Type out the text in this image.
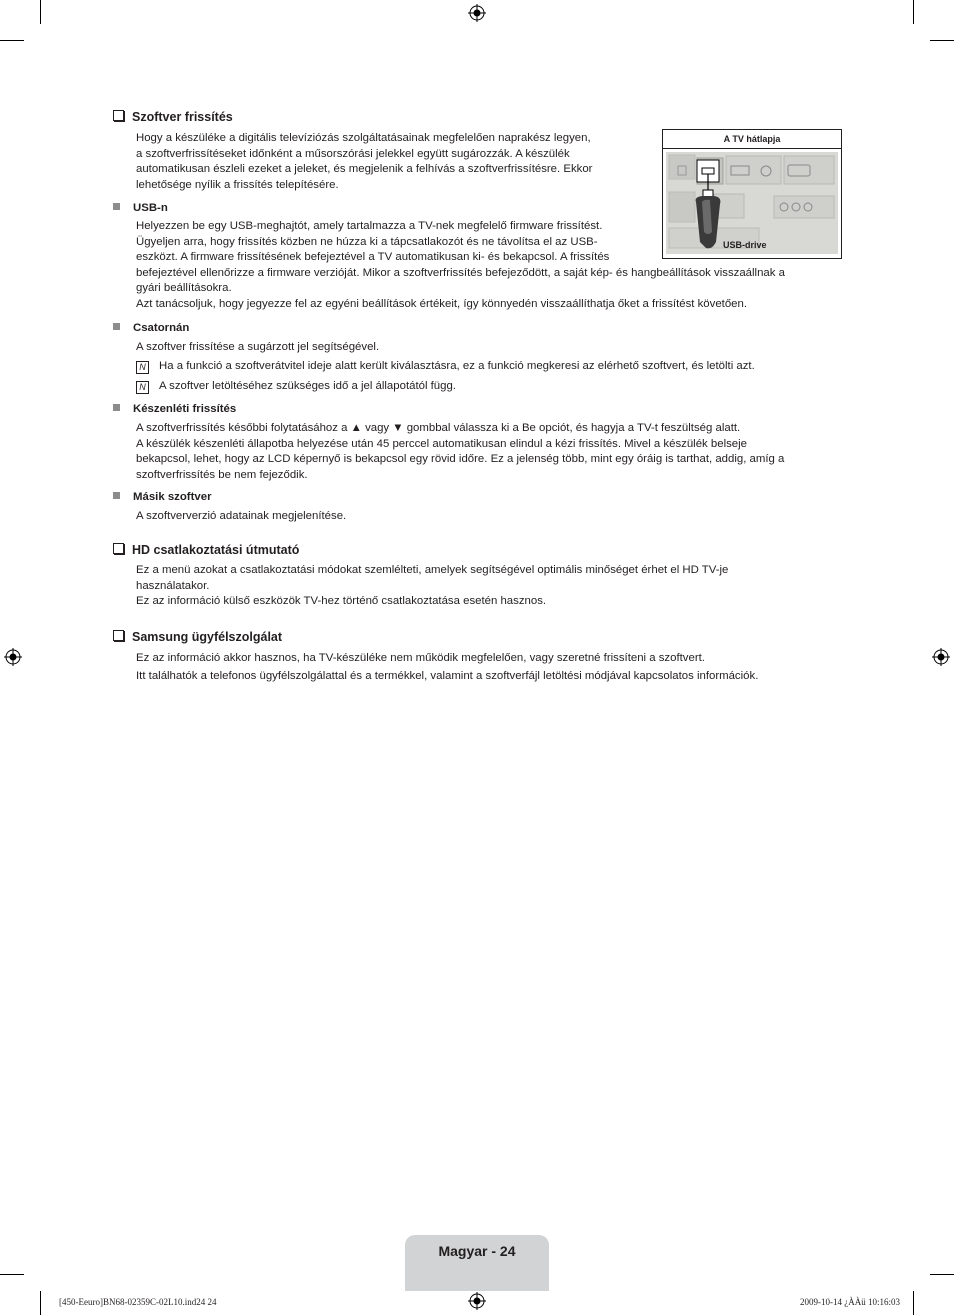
Szoftver frissítés
Hogy a készüléke a digitális televíziózás szolgáltatásainak megfelelően naprakész legyen,
a szoftverfrissítéseket időnként a műsorszórási jelekkel együtt sugározzák. A készülék
automatikusan észleli ezeket a jeleket, és megjelenik a felhívás a szoftverfrissítésre. Ekkor
lehetősége nyílik a frissítés telepítésére.
A TV hátlapja
USB-drive
USB-n
Helyezzen be egy USB-meghajtót, amely tartalmazza a TV-nek megfelelő firmware frissítést.
Ügyeljen arra, hogy frissítés közben ne húzza ki a tápcsatlakozót és ne távolítsa el az USB-
eszközt. A firmware frissítésének befejeztével a TV automatikusan ki- és bekapcsol. A frissítés
befejeztével ellenőrizze a firmware verzióját. Mikor a szoftverfrissítés befejeződött, a saját kép- és hangbeállítások visszaállnak a
gyári beállításokra.
Azt tanácsoljuk, hogy jegyezze fel az egyéni beállítások értékeit, így könnyedén visszaállíthatja őket a frissítést követően.
Csatornán
A szoftver frissítése a sugárzott jel segítségével.
N Ha a funkció a szoftverátvitel ideje alatt került kiválasztásra, ez a funkció megkeresi az elérhető szoftvert, és letölti azt.
N A szoftver letöltéséhez szükséges idő a jel állapotától függ.
Készenléti frissítés
A szoftverfrissítés későbbi folytatásához a ▲ vagy ▼ gombbal válassza ki a Be opciót, és hagyja a TV-t feszültség alatt.
A készülék készenléti állapotba helyezése után 45 perccel automatikusan elindul a kézi frissítés. Mivel a készülék belseje
bekapcsol, lehet, hogy az LCD képernyő is bekapcsol egy rövid időre. Ez a jelenség több, mint egy óráig is tarthat, addig, amíg a
szoftverfrissítés be nem fejeződik.
Másik szoftver
A szoftververzió adatainak megjelenítése.
HD csatlakoztatási útmutató
Ez a menü azokat a csatlakoztatási módokat szemlélteti, amelyek segítségével optimális minőséget érhet el HD TV-je
használatakor.
Ez az információ külső eszközök TV-hez történő csatlakoztatása esetén hasznos.
Samsung ügyfélszolgálat
Ez az információ akkor hasznos, ha TV-készüléke nem működik megfelelően, vagy szeretné frissíteni a szoftvert.
Itt találhatók a telefonos ügyfélszolgálattal és a termékkel, valamint a szoftverfájl letöltési módjával kapcsolatos információk.
Magyar - 24
[450-Eeuro]BN68-02359C-02L10.ind24 24	2009-10-14 ¿ÀÀü 10:16:03
